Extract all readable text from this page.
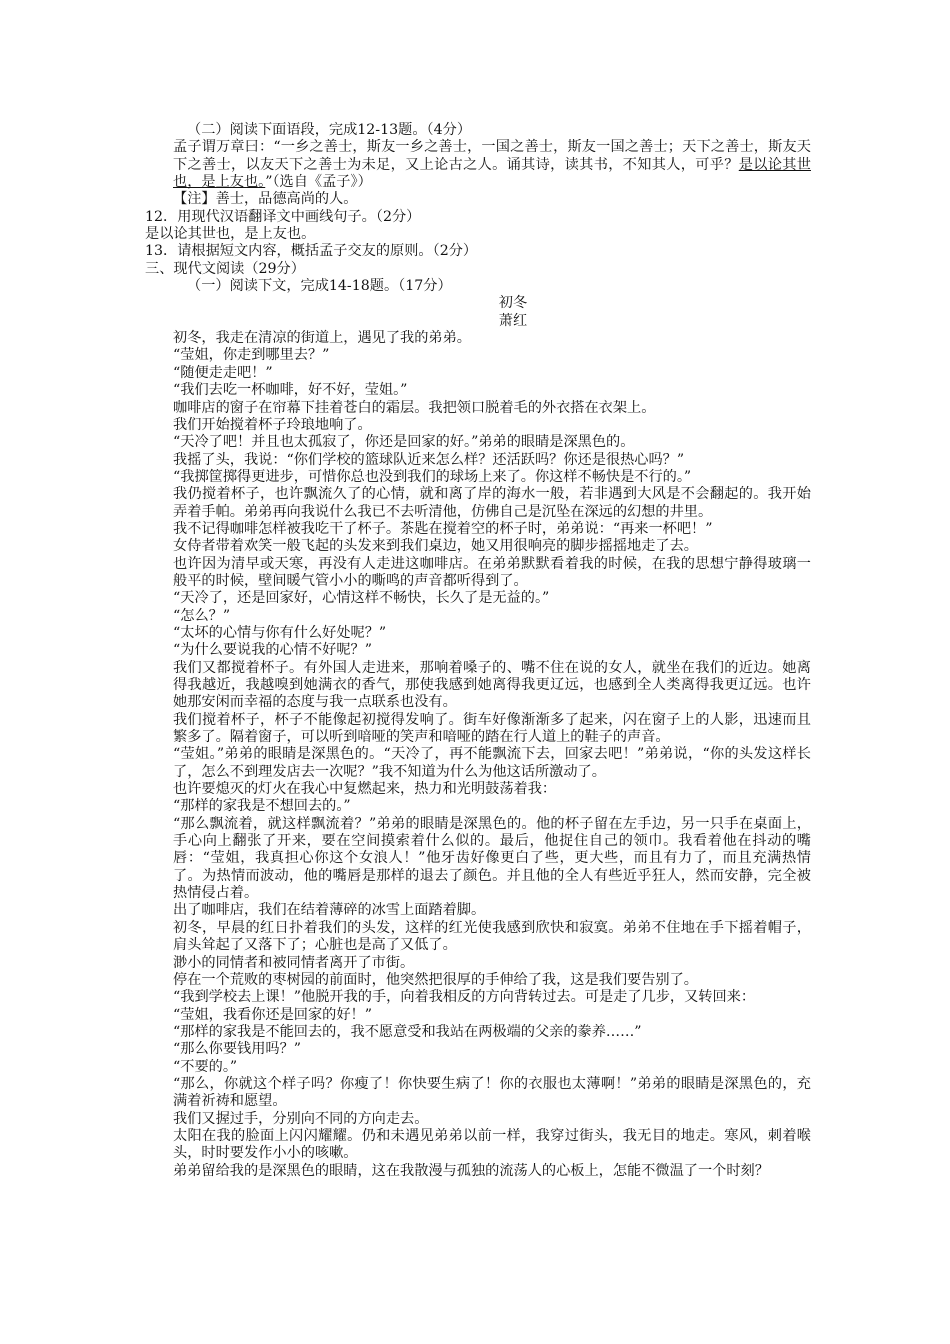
（二）阅读下面语段，完成12-13题。（4分）
孟子谓万章曰：“一乡之善士，斯友一乡之善士，一国之善士，斯友一国之善士；天下之善士，斯友天下之善士，以友天下之善士为未足，又上论古之人。诵其诗，读其书，不知其人，可乎？是以论其世也，是上友也。”（选自《孟子》）
【注】善士，品德高尚的人。
12．用现代汉语翻译文中画线句子。（2分）
是以论其世也，是上友也。
13．请根据短文内容，概括孟子交友的原则。（2分）
三、现代文阅读（29分）
（一）阅读下文，完成14-18题。（17分）
初冬
萧红
初冬，我走在清凉的街道上，遇见了我的弟弟。
“莹姐，你走到哪里去？”
“随便走走吧！”
“我们去吃一杯咖啡，好不好，莹姐。”
咖啡店的窗子在帘幕下挂着苍白的霜层。我把领口脱着毛的外衣搭在衣架上。
我们开始搅着杯子玲琅地响了。
“天冷了吧！并且也太孤寂了，你还是回家的好。”弟弟的眼睛是深黑色的。
我摇了头，我说：“你们学校的篮球队近来怎么样？还活跃吗？你还是很热心吗？”
“我掷筐掷得更进步，可惜你总也没到我们的球场上来了。你这样不畅快是不行的。”
我仍搅着杯子，也许飘流久了的心情，就和离了岸的海水一般，若非遇到大风是不会翻起的。我开始弄着手帕。弟弟再向我说什么我已不去听清他，仿佛自己是沉坠在深远的幻想的井里。
我不记得咖啡怎样被我吃干了杯子。茶匙在搅着空的杯子时，弟弟说：“再来一杯吧！”
女侍者带着欢笑一般飞起的头发来到我们桌边，她又用很响亮的脚步摇摇地走了去。
也许因为清早或天寒，再没有人走进这咖啡店。在弟弟默默看着我的时候，在我的思想宁静得玻璃一般平的时候，壁间暖气管小小的嘶鸣的声音都听得到了。
“天冷了，还是回家好，心情这样不畅快，长久了是无益的。”
“怎么？”
“太坏的心情与你有什么好处呢？”
“为什么要说我的心情不好呢？”
我们又都搅着杯子。有外国人走进来，那响着嗓子的、嘴不住在说的女人，就坐在我们的近边。她离得我越近，我越嗅到她满衣的香气，那使我感到她离得我更辽远，也感到全人类离得我更辽远。也许她那安闲而幸福的态度与我一点联系也没有。
我们搅着杯子，杯子不能像起初搅得发响了。街车好像渐渐多了起来，闪在窗子上的人影，迅速而且繁多了。隔着窗子，可以听到喑哑的笑声和喑哑的踏在行人道上的鞋子的声音。
“莹姐。”弟弟的眼睛是深黑色的。“天冷了，再不能飘流下去，回家去吧！”弟弟说，“你的头发这样长了，怎么不到理发店去一次呢？”我不知道为什么为他这话所激动了。
也许要熄灭的灯火在我心中复燃起来，热力和光明鼓荡着我：
“那样的家我是不想回去的。”
“那么飘流着，就这样飘流着？”弟弟的眼睛是深黑色的。他的杯子留在左手边，另一只手在桌面上，手心向上翻张了开来，要在空间摸索着什么似的。最后，他捉住自己的领巾。我看着他在抖动的嘴唇：“莹姐，我真担心你这个女浪人！”他牙齿好像更白了些，更大些，而且有力了，而且充满热情了。为热情而波动，他的嘴唇是那样的退去了颜色。并且他的全人有些近乎狂人，然而安静，完全被热情侵占着。
出了咖啡店，我们在结着薄碎的冰雪上面踏着脚。
初冬，早晨的红日扑着我们的头发，这样的红光使我感到欣快和寂寞。弟弟不住地在手下摇着帽子，肩头耸起了又落下了；心脏也是高了又低了。
渺小的同情者和被同情者离开了市街。
停在一个荒败的枣树园的前面时，他突然把很厚的手伸给了我，这是我们要告别了。
“我到学校去上课！”他脱开我的手，向着我相反的方向背转过去。可是走了几步，又转回来：
“莹姐，我看你还是回家的好！”
“那样的家我是不能回去的，我不愿意受和我站在两极端的父亲的豢养……”
“那么你要钱用吗？”
“不要的。”
“那么，你就这个样子吗？你瘦了！你快要生病了！你的衣服也太薄啊！”弟弟的眼睛是深黑色的，充满着祈祷和愿望。
我们又握过手，分别向不同的方向走去。
太阳在我的脸面上闪闪耀耀。仍和未遇见弟弟以前一样，我穿过街头，我无目的地走。寒风，刺着喉头，时时要发作小小的咳嗽。
弟弟留给我的是深黑色的眼睛，这在我散漫与孤独的流荡人的心板上，怎能不微温了一个时刻？
